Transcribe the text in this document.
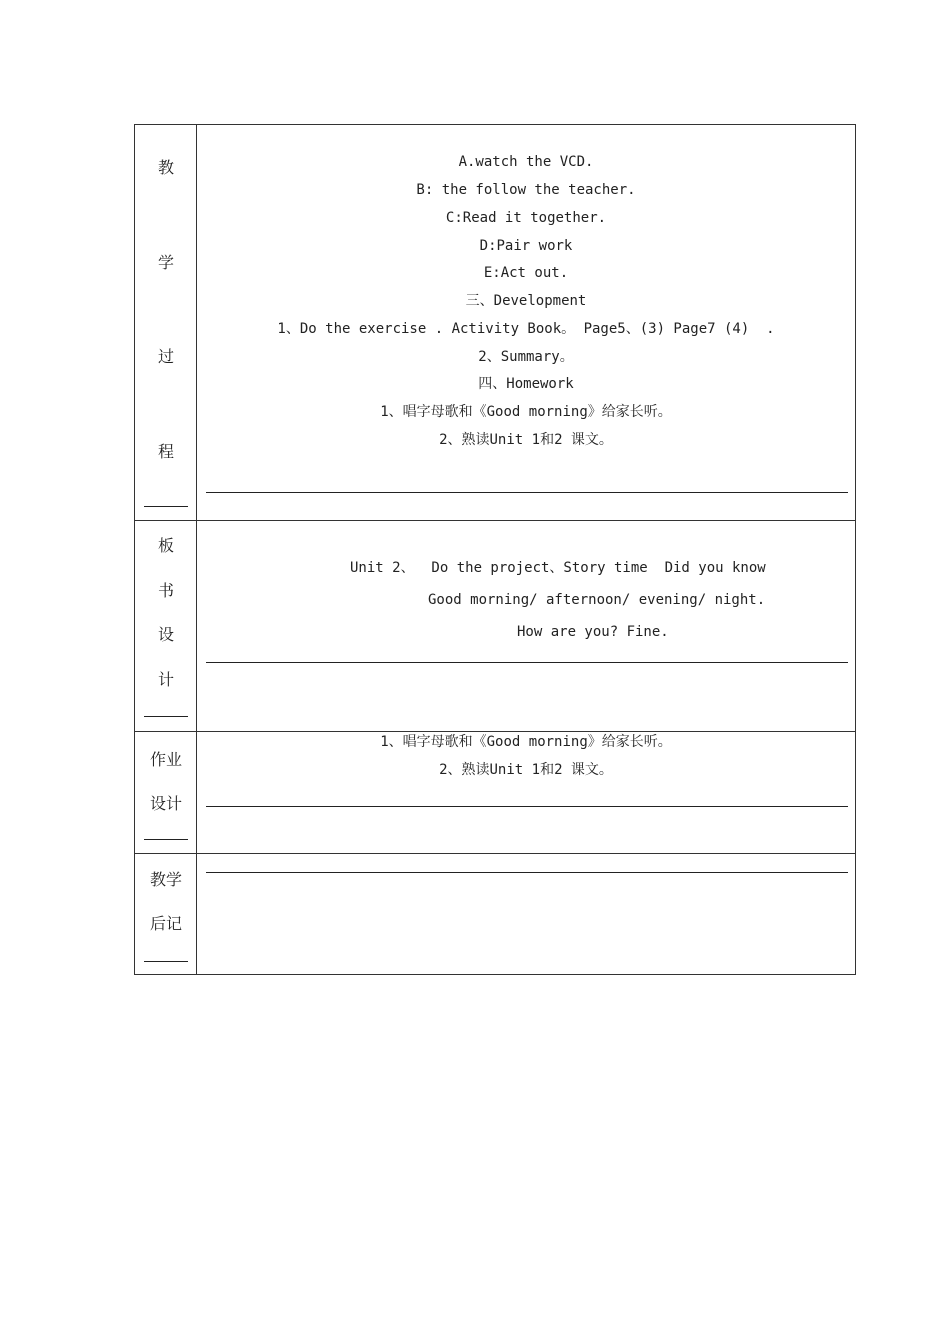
教
学
过
程
A.watch the VCD.
B: the follow the teacher.
C:Read it together.
D:Pair work
E:Act out.
三、Development
1、Do the exercise . Activity Book。 Page5、(3) Page7 (4)  .
2、Summary。
四、Homework
1、唱字母歌和《Good morning》给家长听。
2、熟读Unit 1和2 课文。
板
书
设
计
Unit 2、  Do the project、Story time  Did you know
Good morning/ afternoon/ evening/ night.
How are you? Fine.
作业
设计
1、唱字母歌和《Good morning》给家长听。
2、熟读Unit 1和2 课文。
教学
后记
